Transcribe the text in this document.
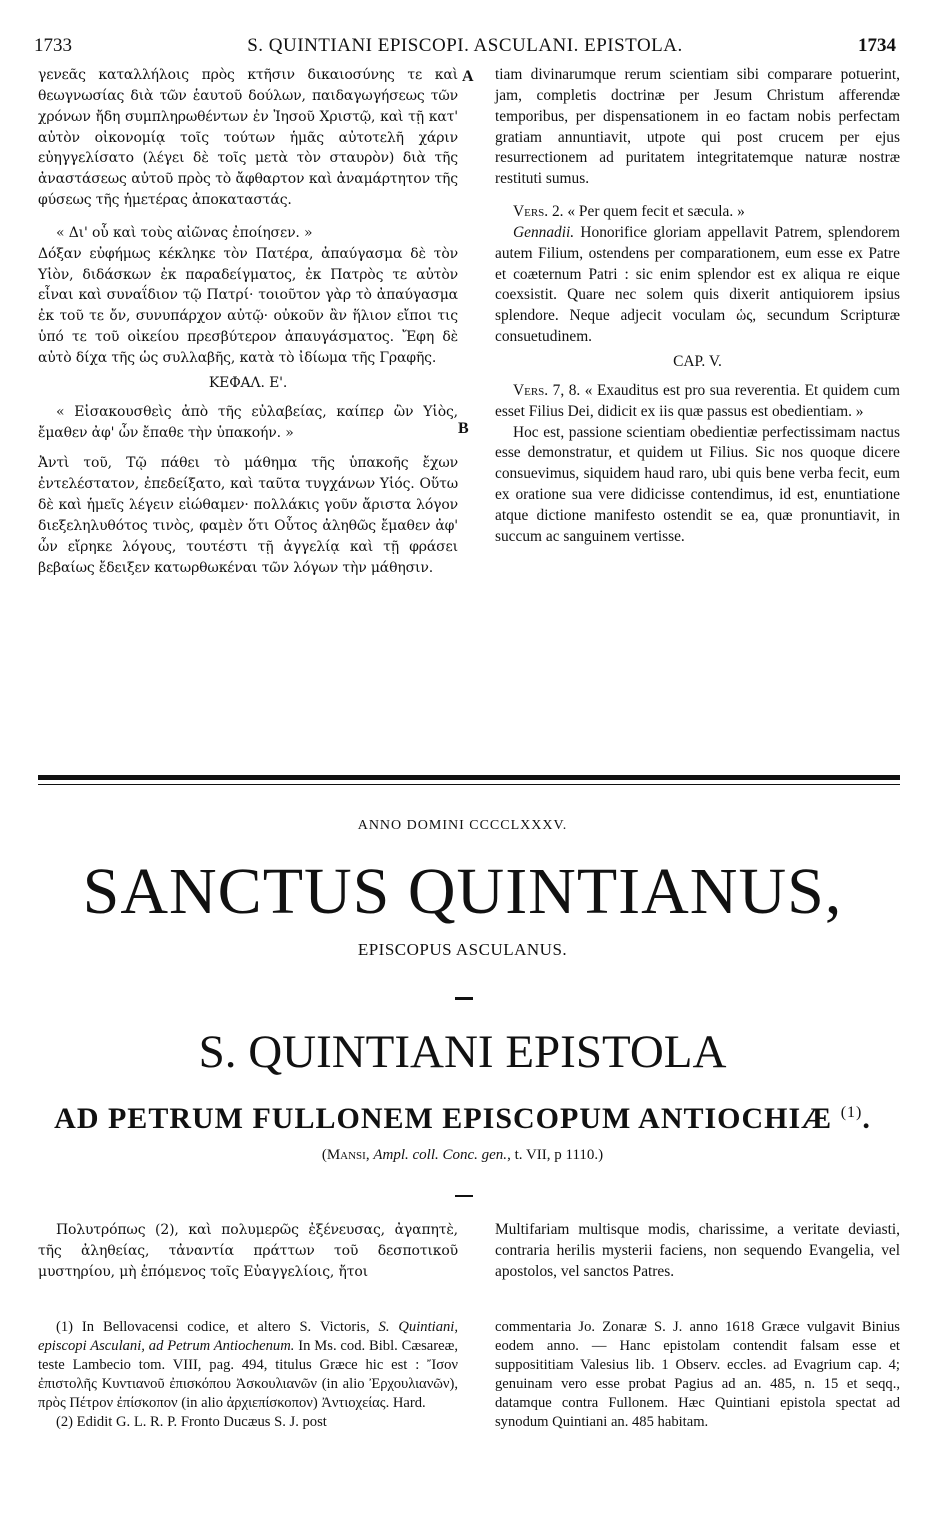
1733	S. QUINTIANI EPISCOPI. ASCULANI. EPISTOLA.	1734

γενεᾶς καταλλήλοις πρὸς κτῆσιν δικαιοσύνης τε καὶ θεωγνωσίας διὰ τῶν ἑαυτοῦ δούλων, παιδαγωγήσεως τῶν χρόνων ἤδη συμπληρωθέντων ἐν Ἰησοῦ Χριστῷ, καὶ τῇ κατ' αὐτὸν οἰκονομίᾳ τοῖς τούτων ἡμᾶς αὐτοτελῆ χάριν εὐηγγελίσατο (λέγει δὲ τοῖς μετὰ τὸν σταυρὸν) διὰ τῆς ἀναστάσεως αὐτοῦ πρὸς τὸ ἄφθαρτον καὶ ἀναμάρτητον τῆς φύσεως τῆς ἡμετέρας ἀποκαταστάς.

« Δι' οὗ καὶ τοὺς αἰῶνας ἐποίησεν. »

Δόξαν εὐφήμως κέκληκε τὸν Πατέρα, ἀπαύγασμα δὲ τὸν Υἱὸν, διδάσκων ἐκ παραδείγματος, ἐκ Πατρὸς τε αὐτὸν εἶναι καὶ συναΐδιον τῷ Πατρί· τοιοῦτον γὰρ τὸ ἀπαύγασμα ἐκ τοῦ τε ὄν, συνυπάρχον αὐτῷ· οὐκοῦν ἂν ἥλιον εἴποι τις ὑπό τε τοῦ οἰκείου πρεσβύτερον ἀπαυγάσματος. Ἔφη δὲ αὐτὸ δίχα τῆς ὡς συλλαβῆς, κατὰ τὸ ἰδίωμα τῆς Γραφῆς.

ΚΕΦΑΛ. Ε'.

« Εἰσακουσθεὶς ἀπὸ τῆς εὐλαβείας, καίπερ ὢν Υἱὸς, ἔμαθεν ἀφ' ὧν ἔπαθε τὴν ὑπακοήν. »

Ἀντὶ τοῦ, Τῷ πάθει τὸ μάθημα τῆς ὑπακοῆς ἔχων ἐντελέστατον, ἐπεδείξατο, καὶ ταῦτα τυγχάνων Υἱός. Οὕτω δὲ καὶ ἡμεῖς λέγειν εἰώθαμεν· πολλάκις γοῦν ἄριστα λόγον διεξεληλυθότος τινὸς, φαμὲν ὅτι Οὗτος ἀληθῶς ἔμαθεν ἀφ' ὧν εἴρηκε λόγους, τουτέστι τῇ ἀγγελίᾳ καὶ τῇ φράσει βεβαίως ἔδειξεν κατωρθωκέναι τῶν λόγων τὴν μάθησιν.

A
B

tiam divinarumque rerum scientiam sibi comparare potuerint, jam, completis doctrinæ per Jesum Christum afferendæ temporibus, per dispensationem in eo factam nobis perfectam gratiam annuntiavit, utpote qui post crucem per ejus resurrectionem ad puritatem integritatemque naturæ nostræ restituti sumus.

Vers. 2. « Per quem fecit et sæcula. »

Gennadii. Honorifice gloriam appellavit Patrem, splendorem autem Filium, ostendens per comparationem, eum esse ex Patre et coæternum Patri : sic enim splendor est ex aliqua re eique coexsistit. Quare nec solem quis dixerit antiquiorem ipsius splendore. Neque adjecit voculam ὡς, secundum Scripturæ consuetudinem.

CAP. V.

Vers. 7, 8. « Exauditus est pro sua reverentia. Et quidem cum esset Filius Dei, didicit ex iis quæ passus est obedientiam. »

Hoc est, passione scientiam obedientiæ perfectissimam nactus esse demonstratur, et quidem ut Filius. Sic nos quoque dicere consuevimus, siquidem haud raro, ubi quis bene verba fecit, eum ex oratione sua vere didicisse contendimus, id est, enuntiatione atque dictione manifesto ostendit se ea, quæ pronuntiavit, in succum ac sanguinem vertisse.

ANNO DOMINI CCCCLXXXV.
SANCTUS QUINTIANUS,
EPISCOPUS ASCULANUS.
S. QUINTIANI EPISTOLA
AD PETRUM FULLONEM EPISCOPUM ANTIOCHIÆ $^{(1)}$.
(Mansi, Ampl. coll. Conc. gen., t. VII, p 1110.)

Πολυτρόπως (2), καὶ πολυμερῶς ἐξένευσας, ἀγαπητὲ, τῆς ἀληθείας, τἀναντία πράττων τοῦ δεσποτικοῦ μυστηρίου, μὴ ἑπόμενος τοῖς Εὐαγγελίοις, ἤτοι

Multifariam multisque modis, charissime, a veritate deviasti, contraria herilis mysterii faciens, non sequendo Evangelia, vel apostolos, vel sanctos Patres.

(1) In Bellovacensi codice, et altero S. Victoris, S. Quintiani, episcopi Asculani, ad Petrum Antiochenum. In Ms. cod. Bibl. Cæsareæ, teste Lambecio tom. VIII, pag. 494, titulus Græce hic est : Ἴσον ἐπιστολῆς Κυντιανοῦ ἐπισκόπου Ἀσκουλιανῶν (in alio Ἐρχουλιανῶν), πρὸς Πέτρον ἐπίσκοπον (in alio ἀρχιεπίσκοπον) Ἀντιοχείας. Hard.

(2) Edidit G. L. R. P. Fronto Ducæus S. J. post

commentaria Jo. Zonaræ S. J. anno 1618 Græce vulgavit Binius eodem anno. — Hanc epistolam contendit falsam esse et supposititiam Valesius lib. 1 Observ. eccles. ad Evagrium cap. 4; genuinam vero esse probat Pagius ad an. 485, n. 15 et seqq., datamque contra Fullonem. Hæc Quintiani epistola spectat ad synodum Quintiani an. 485 habitam.
